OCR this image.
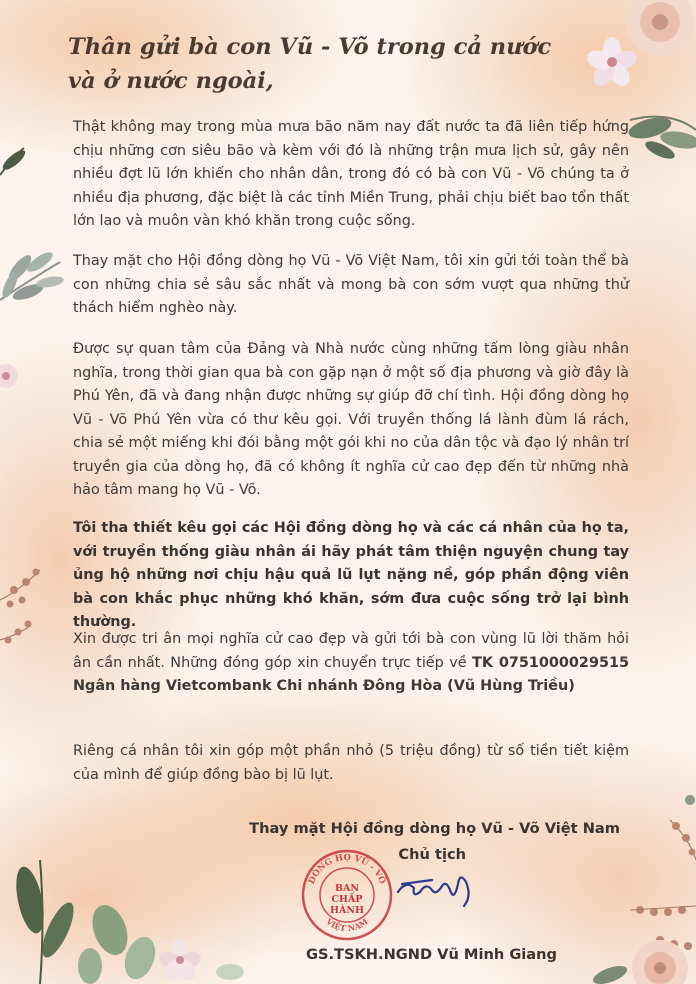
Thân gửi bà con Vũ - Võ trong cả nước
và ở nước ngoài,

Thật không may trong mùa mưa bão năm nay đất nước ta đã liên tiếp hứng chịu những cơn siêu bão và kèm với đó là những trận mưa lịch sử, gây nên nhiều đợt lũ lớn khiến cho nhân dân, trong đó có bà con Vũ - Võ chúng ta ở nhiều địa phương, đặc biệt là các tỉnh Miền Trung, phải chịu biết bao tổn thất lớn lao và muôn vàn khó khăn trong cuộc sống.

Thay mặt cho Hội đồng dòng họ Vũ - Võ Việt Nam, tôi xin gửi tới toàn thể bà con những chia sẻ sâu sắc nhất và mong bà con sớm vượt qua những thử thách hiểm nghèo này.

Được sự quan tâm của Đảng và Nhà nước cùng những tấm lòng giàu nhân nghĩa, trong thời gian qua bà con gặp nạn ở một số địa phương và giờ đây là Phú Yên, đã và đang nhận được những sự giúp đỡ chí tình. Hội đồng dòng họ Vũ - Võ Phú Yên vừa có thư kêu gọi. Với truyền thống lá lành đùm lá rách, chia sẻ một miếng khi đói bằng một gói khi no của dân tộc và đạo lý nhân trí truyền gia của dòng họ, đã có không ít nghĩa cử cao đẹp đến từ những nhà hảo tâm mang họ Vũ - Võ.

Tôi tha thiết kêu gọi các Hội đồng dòng họ và các cá nhân của họ ta, với truyền thống giàu nhân ái hãy phát tâm thiện nguyện chung tay ủng hộ những nơi chịu hậu quả lũ lụt nặng nề, góp phần động viên bà con khắc phục những khó khăn, sớm đưa cuộc sống trở lại bình thường.

Xin được tri ân mọi nghĩa cử cao đẹp và gửi tới bà con vùng lũ lời thăm hỏi ân cần nhất. Những đóng góp xin chuyển trực tiếp về TK 0751000029515 Ngân hàng Vietcombank Chi nhánh Đông Hòa (Vũ Hùng Triều)

Riêng cá nhân tôi xin góp một phần nhỏ (5 triệu đồng) từ số tiền tiết kiệm của mình để giúp đồng bào bị lũ lụt.

Thay mặt Hội đồng dòng họ Vũ - Võ Việt Nam

Chủ tịch

DÒNG HỌ VŨ - VÕ
VIỆT NAM
BAN
CHẤP HÀNH

GS.TSKH.NGND Vũ Minh Giang
